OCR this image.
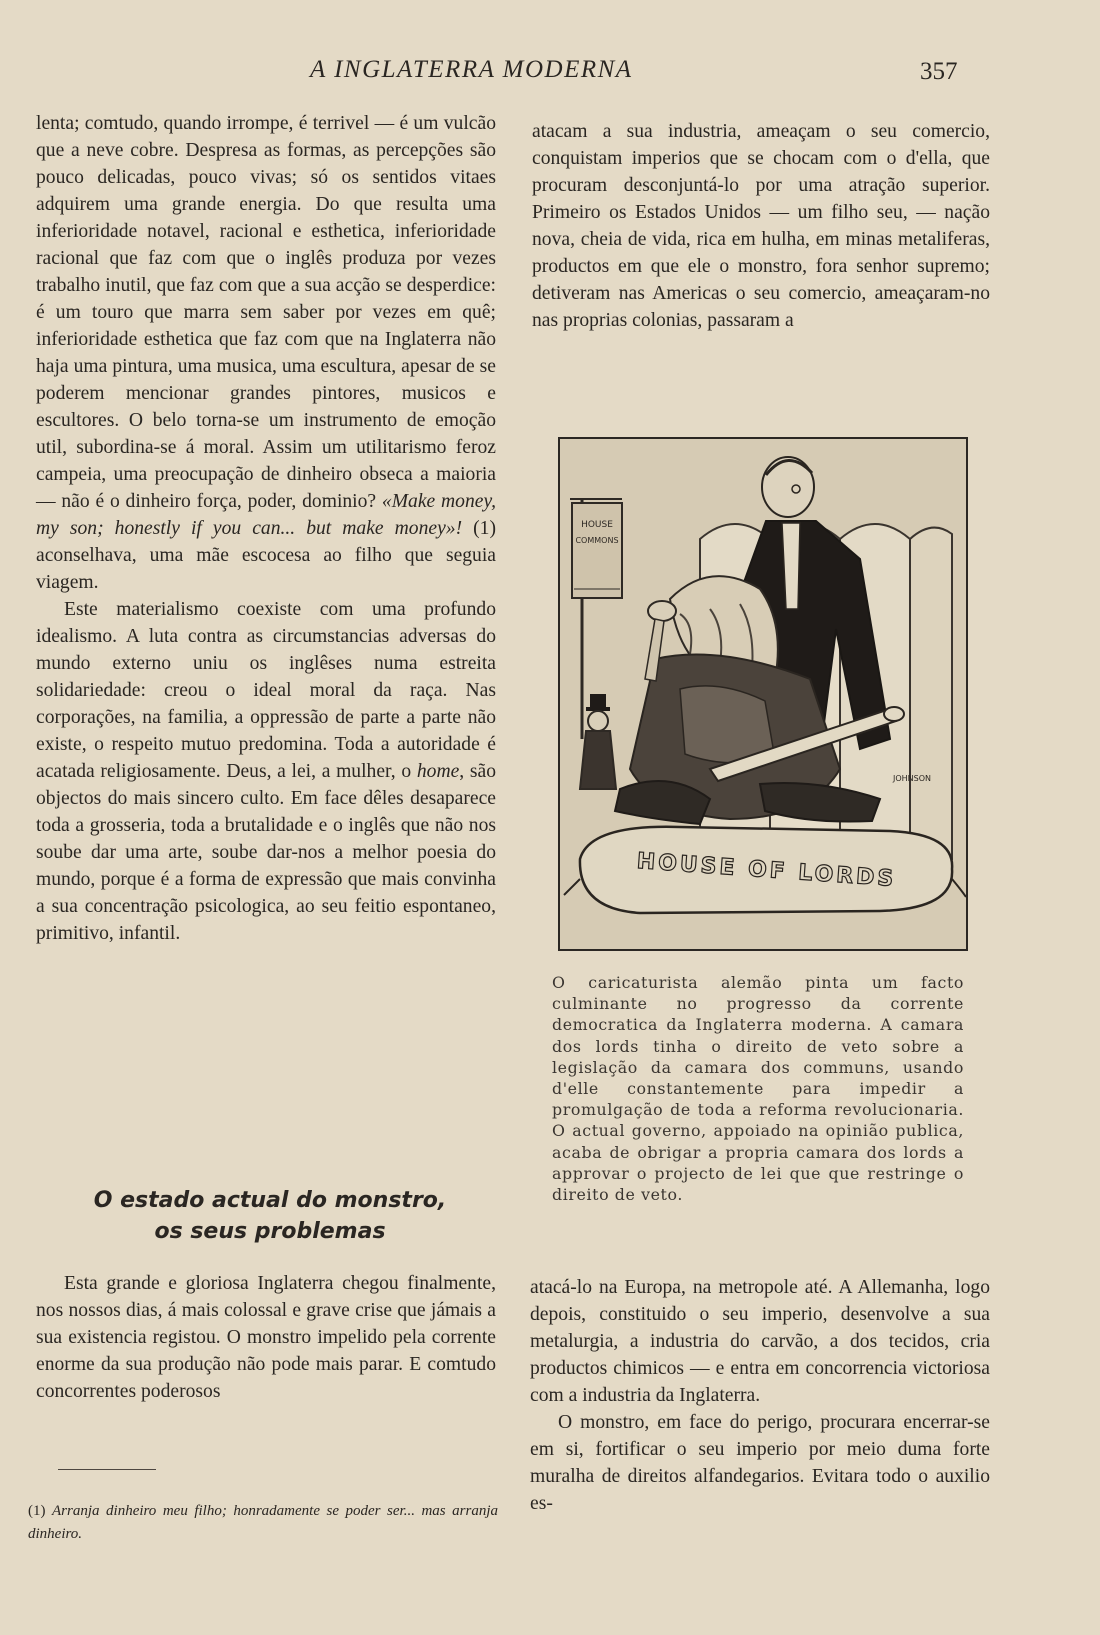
A INGLATERRA MODERNA	357

lenta; comtudo, quando irrompe, é terrivel — é um vulcão que a neve cobre. Despresa as formas, as percepções são pouco delicadas, pouco vivas; só os sentidos vitaes adquirem uma grande energia. Do que resulta uma inferioridade notavel, racional e esthetica, inferioridade racional que faz com que o inglês produza por vezes trabalho inutil, que faz com que a sua acção se desperdice: é um touro que marra sem saber por vezes em quê; inferioridade esthetica que faz com que na Inglaterra não haja uma pintura, uma musica, uma escultura, apesar de se poderem mencionar grandes pintores, musicos e escultores. O belo torna-se um instrumento de emoção util, subordina-se á moral. Assim um utilitarismo feroz campeia, uma preocupação de dinheiro obseca a maioria — não é o dinheiro força, poder, dominio? «Make money, my son; honestly if you can... but make money»! (1) aconselhava, uma mãe escocesa ao filho que seguia viagem.

Este materialismo coexiste com uma profundo idealismo. A luta contra as circumstancias adversas do mundo externo uniu os inglêses numa estreita solidariedade: creou o ideal moral da raça. Nas corporações, na familia, a oppressão de parte a parte não existe, o respeito mutuo predomina. Toda a autoridade é acatada religiosamente. Deus, a lei, a mulher, o home, são objectos do mais sincero culto. Em face dêles desaparece toda a grosseria, toda a brutalidade e o inglês que não nos soube dar uma arte, soube dar-nos a melhor poesia do mundo, porque é a forma de expressão que mais convinha a sua concentração psicologica, ao seu feitio espontaneo, primitivo, infantil.

atacam a sua industria, ameaçam o seu comercio, conquistam imperios que se chocam com o d'ella, que procuram desconjuntá-lo por uma atração superior. Primeiro os Estados Unidos — um filho seu, — nação nova, cheia de vida, rica em hulha, em minas metaliferas, productos em que ele o monstro, fora senhor supremo; detiveram nas Americas o seu comercio, ameaçaram-no nas proprias colonias, passaram a

HOUSE
COMMONS
HOUSE OF LORDS
JOHNSON

O caricaturista alemão pinta um facto culminante no progresso da corrente democratica da Inglaterra moderna. A camara dos lords tinha o direito de veto sobre a legislação da camara dos communs, usando d'elle constantemente para impedir a promulgação de toda a reforma revolucionaria. O actual governo, appoiado na opinião publica, acaba de obrigar a propria camara dos lords a approvar o projecto de lei que que restringe o direito de veto.

O estado actual do monstro,
os seus problemas

Esta grande e gloriosa Inglaterra chegou finalmente, nos nossos dias, á mais colossal e grave crise que jámais a sua existencia registou. O monstro impelido pela corrente enorme da sua produção não pode mais parar. E comtudo concorrentes poderosos

atacá-lo na Europa, na metropole até. A Allemanha, logo depois, constituido o seu imperio, desenvolve a sua metalurgia, a industria do carvão, a dos tecidos, cria productos chimicos — e entra em concorrencia victoriosa com a industria da Inglaterra.

O monstro, em face do perigo, procurara encerrar-se em si, fortificar o seu imperio por meio duma forte muralha de direitos alfandegarios. Evitara todo o auxilio es-

(1) Arranja dinheiro meu filho; honradamente se poder ser... mas arranja dinheiro.
